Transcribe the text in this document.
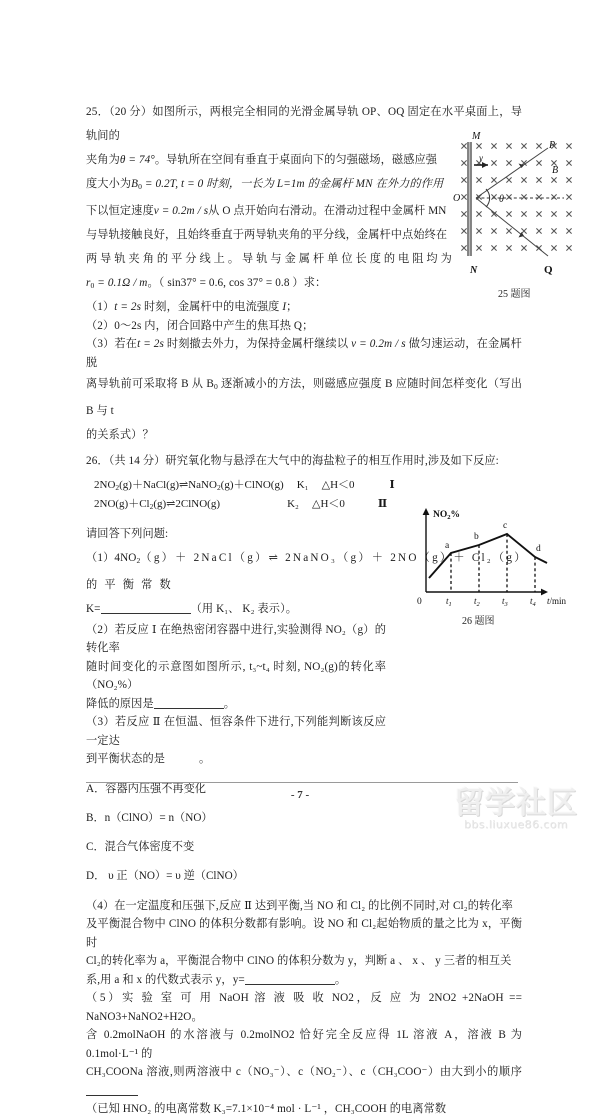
25．（20 分）如图所示，两根完全相同的光滑金属导轨 OP、OQ 固定在水平桌面上，导轨间的

夹角为θ = 74°。导轨所在空间有垂直于桌面向下的匀强磁场，磁感应强

度大小为$B_0 = 0.2T$, t = 0 时刻，一长为 L=1m 的金属杆 MN 在外力的作用

下以恒定速度v = 0.2m / s从 O 点开始向右滑动。在滑动过程中金属杆 MN

与导轨接触良好，且始终垂直于两导轨夹角的平分线，金属杆中点始终在

两 导 轨 夹 角 的 平 分 线 上 。 导 轨 与 金 属 杆 单 位 长 度 的 电 阻 均 为

$r_0 = 0.1\Omega / m$。（ sin37° = 0.6, cos 37° = 0.8 ）求：

（1）t = 2s 时刻，金属杆中的电流强度 I；

（2）0～2s 内，闭合回路中产生的焦耳热 Q；

（3）若在t = 2s 时刻撤去外力，为保持金属杆继续以 v = 0.2m / s 做匀速运动，在金属杆脱

离导轨前可采取将 B 从 $B_0$ 逐渐减小的方法，则磁感应强度 B 应随时间怎样变化（写出 B 与 t

的关系式）？

26．（共 14 分）研究氧化物与悬浮在大气中的海盐粒子的相互作用时,涉及如下反应:

$2NO_2(g)+NaCl(g)\rightleftharpoons NaNO_2(g)+ClNO(g)$ K₁ △H＜0	Ⅰ
$2NO(g)+Cl_2(g)\rightleftharpoons 2ClNO(g)$	K₂ △H＜0	Ⅱ

请回答下列问题:

$(1)4NO_2(g)+$ 2NaCl（g）⇌ 2NaNO₃（g）＋ 2NO（g）＋ Cl₂（g）的 平 衡 常 数

K=	（用 K₁、 K₂ 表示）。

（2）若反应 Ⅰ 在绝热密闭容器中进行,实验测得 NO₂（g）的转化率

随时间变化的示意图如图所示, t₃~t₄ 时刻, NO₂(g)的转化率（NO₂%）

降低的原因是	。

（3）若反应 Ⅱ 在恒温、恒容条件下进行,下列能判断该反应一定达

到平衡状态的是	。

A．容器内压强不再变化

B．n（ClNO）= n（NO）

C．混合气体密度不变

D． υ 正（NO）= υ 逆（ClNO）

（4）在一定温度和压强下,反应 Ⅱ 达到平衡,当 NO 和 Cl₂ 的比例不同时,对 Cl₂的转化率

及平衡混合物中 ClNO 的体积分数都有影响。设 NO 和 Cl₂起始物质的量之比为 x，平衡时

Cl₂的转化率为 a，平衡混合物中 ClNO 的体积分数为 y，判断 a 、 x 、 y 三者的相互关

系,用 a 和 x 的代数式表示 y，y=	。

（5）实 验 室 可 用 NaOH 溶 液 吸 收 NO2，反 应 为 2NO2 +2NaOH == NaNO3+NaNO2+H2O。

含 0.2molNaOH 的水溶液与 0.2molNO2 恰好完全反应得 1L 溶液 A，溶液 B 为 0.1mol·L⁻¹ 的

CH₃COONa 溶液,则两溶液中 c（NO₃⁻）、c（NO₂⁻）、c（CH₃COO⁻）由大到小的顺序

（已知 HNO₂ 的电离常数 K₃=7.1×10⁻⁴ mol · L⁻¹ ，CH₃COOH 的电离常数

M
N
O
P
Q
B
v
θ
25 题图
a
b
c
d
$NO_2\%$
t/min
0	$t_1$ $t_2$ $t_3$ $t_4$
26 题图
- 7 -	留学社区
bbs.liuxue86.com
